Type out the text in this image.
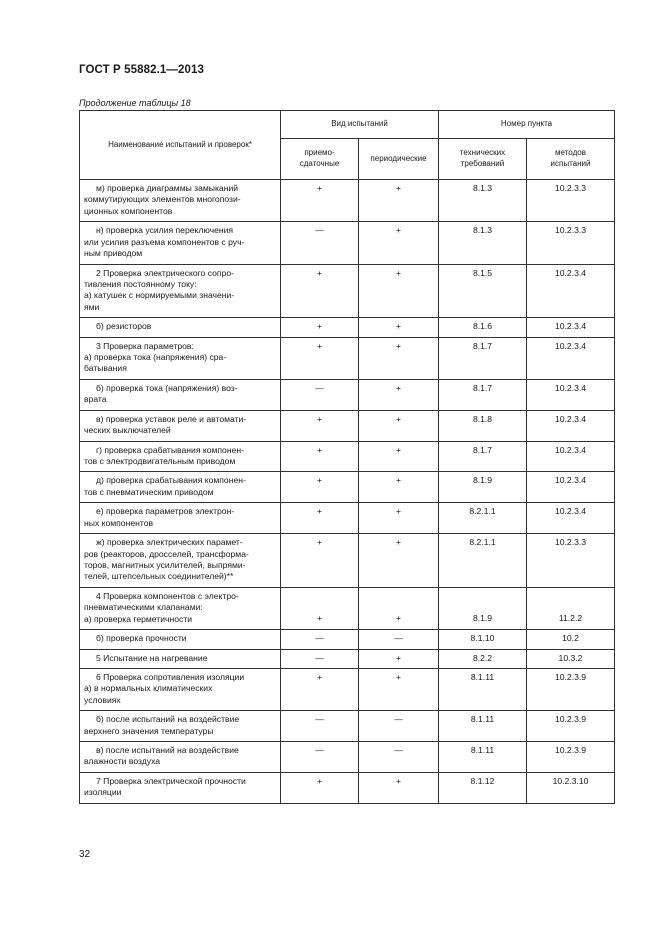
ГОСТ Р 55882.1—2013
Продолжение таблицы 18
Наименование испытаний и проверок*	Вид испытаний		Номер пункта	
	приемо-сдаточные	периодические	технических требований	методов испытаний

м) проверка диаграммы замыканий
коммутирующих элементов многопози-
ционных компонентов	+	+	8.1.3	10.2.3.3

н) проверка усилия переключения
или усилия разъема компонентов с руч-
ным приводом	—	+	8.1.3	10.2.3.3

2 Проверка электрического сопро-
тивления постоянному току:
а) катушек с нормируемыми значени-
ями	+	+	8.1.5	10.2.3.4

б) резисторов	+	+	8.1.6	10.2.3.4

3 Проверка параметров:
а) проверка тока (напряжения) сра-
батывания	+	+	8.1.7	10.2.3.4

б) проверка тока (напряжения) воз-
врата	—	+	8.1.7	10.2.3.4

в) проверка уставок реле и автомати-
ческих выключателей	+	+	8.1.8	10.2.3.4

г) проверка срабатывания компонен-
тов с электродвигательным приводом	+	+	8.1.7	10.2.3.4

д) проверка срабатывания компонен-
тов с пневматическим приводом	+	+	8.1.9	10.2.3.4

е) проверка параметров электрон-
ных компонентов	+	+	8.2.1.1	10.2.3.4

ж) проверка электрических парамет-
ров (реакторов, дросселей, трансформа-
торов, магнитных усилителей, выпрями-
телей, штепсельных соединителей)**	+	+	8.2.1.1	10.2.3.3

4 Проверка компонентов с электро-
пневматическими клапанами:
а) проверка герметичности	+	+	8.1.9	11.2.2

б) проверка прочности	—	—	8.1.10	10.2

5 Испытание на нагревание	—	+	8.2.2	10.3.2

6 Проверка сопротивления изоляции
а) в нормальных климатических
условиях	+	+	8.1.11	10.2.3.9

б) после испытаний на воздействие
верхнего значения температуры	—	—	8.1.11	10.2.3.9

в) после испытаний на воздействие
влажности воздуха	—	—	8.1.11	10.2.3.9

7 Проверка электрической прочности
изоляции	+	+	8.1.12	10.2.3.10
32
